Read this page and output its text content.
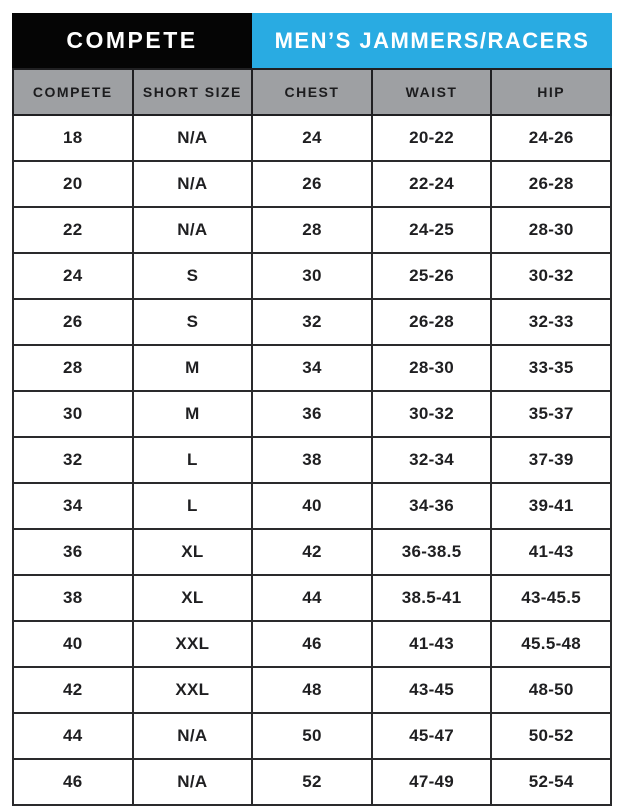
COMPETE	MEN’S JAMMERS/RACERS
COMPETE	SHORT SIZE	CHEST	WAIST	HIP
18	N/A	24	20-22	24-26
20	N/A	26	22-24	26-28
22	N/A	28	24-25	28-30
24	S	30	25-26	30-32
26	S	32	26-28	32-33
28	M	34	28-30	33-35
30	M	36	30-32	35-37
32	L	38	32-34	37-39
34	L	40	34-36	39-41
36	XL	42	36-38.5	41-43
38	XL	44	38.5-41	43-45.5
40	XXL	46	41-43	45.5-48
42	XXL	48	43-45	48-50
44	N/A	50	45-47	50-52
46	N/A	52	47-49	52-54
